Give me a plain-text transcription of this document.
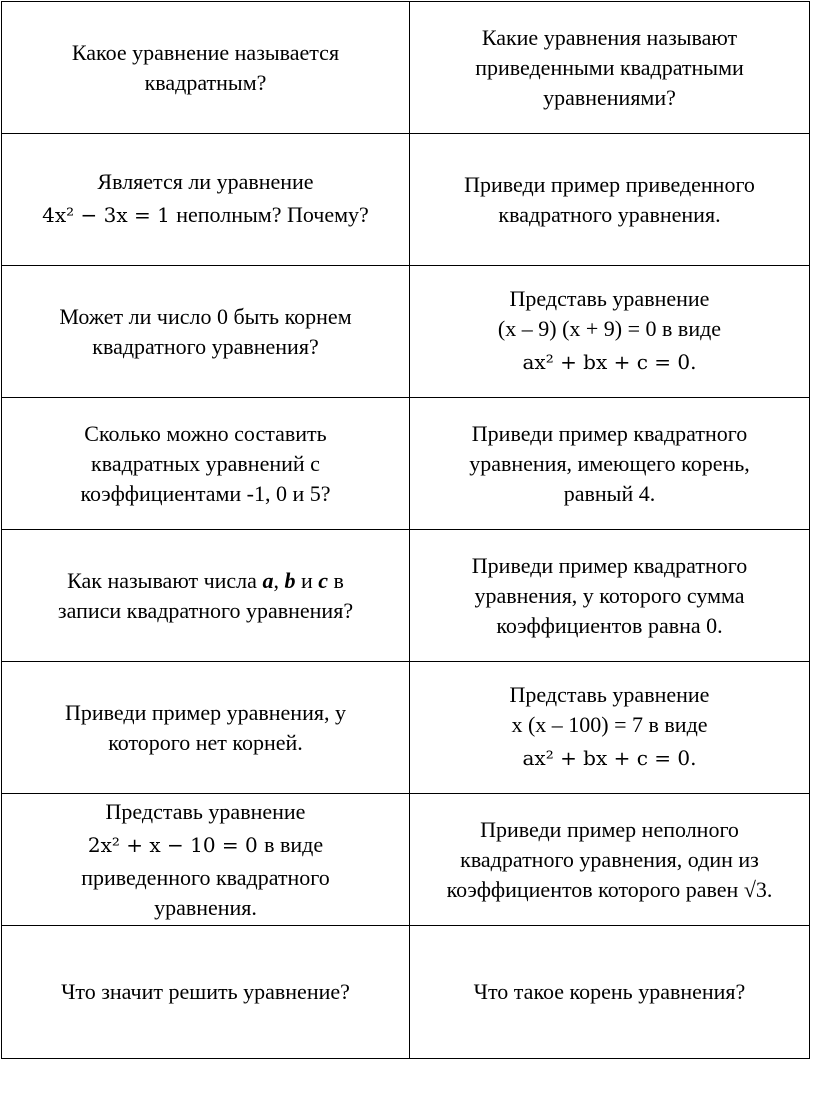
Какое уравнение называется
квадратным?	Какие уравнения называют
приведенными квадратными
уравнениями?

Является ли уравнение
4x² − 3x = 1 неполным? Почему?	Приведи пример приведенного
квадратного уравнения.

Может ли число 0 быть корнем
квадратного уравнения?	Представь уравнение
(x – 9) (x + 9) = 0 в виде
ax² + bx + c = 0.

Сколько можно составить
квадратных уравнений с
коэффициентами -1, 0 и 5?	Приведи пример квадратного
уравнения, имеющего корень,
равный 4.

Как называют числа a, b и c в
записи квадратного уравнения?	Приведи пример квадратного
уравнения, у которого сумма
коэффициентов равна 0.

Приведи пример уравнения, у
которого нет корней.	Представь уравнение
x (x – 100) = 7 в виде
ax² + bx + c = 0.

Представь уравнение
2x² + x − 10 = 0 в виде
приведенного квадратного
уравнения.	Приведи пример неполного
квадратного уравнения, один из
коэффициентов которого равен √3.

Что значит решить уравнение?	Что такое корень уравнения?
